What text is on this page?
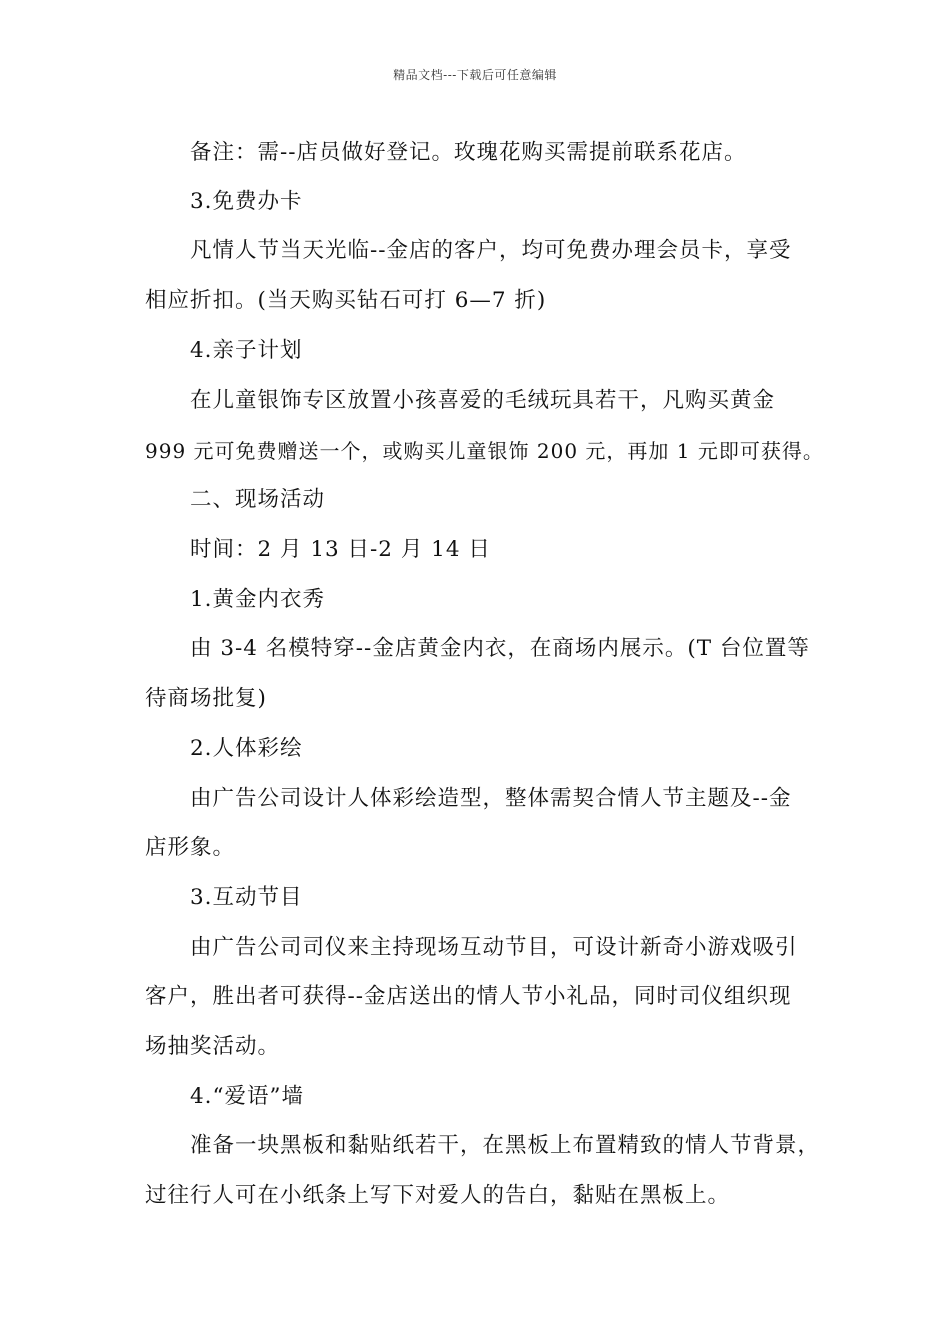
精品文档---下载后可任意编辑
备注：需--店员做好登记。玫瑰花购买需提前联系花店。
3.免费办卡
凡情人节当天光临--金店的客户，均可免费办理会员卡，享受
相应折扣。(当天购买钻石可打 6—7 折)
4.亲子计划
在儿童银饰专区放置小孩喜爱的毛绒玩具若干，凡购买黄金
999 元可免费赠送一个，或购买儿童银饰 200 元，再加 1 元即可获得。
二、现场活动
时间：2 月 13 日-2 月 14 日
1.黄金内衣秀
由 3-4 名模特穿--金店黄金内衣，在商场内展示。(T 台位置等
待商场批复)
2.人体彩绘
由广告公司设计人体彩绘造型，整体需契合情人节主题及--金
店形象。
3.互动节目
由广告公司司仪来主持现场互动节目，可设计新奇小游戏吸引
客户，胜出者可获得--金店送出的情人节小礼品，同时司仪组织现
场抽奖活动。
4.“爱语”墙
准备一块黑板和黏贴纸若干，在黑板上布置精致的情人节背景，
过往行人可在小纸条上写下对爱人的告白，黏贴在黑板上。
